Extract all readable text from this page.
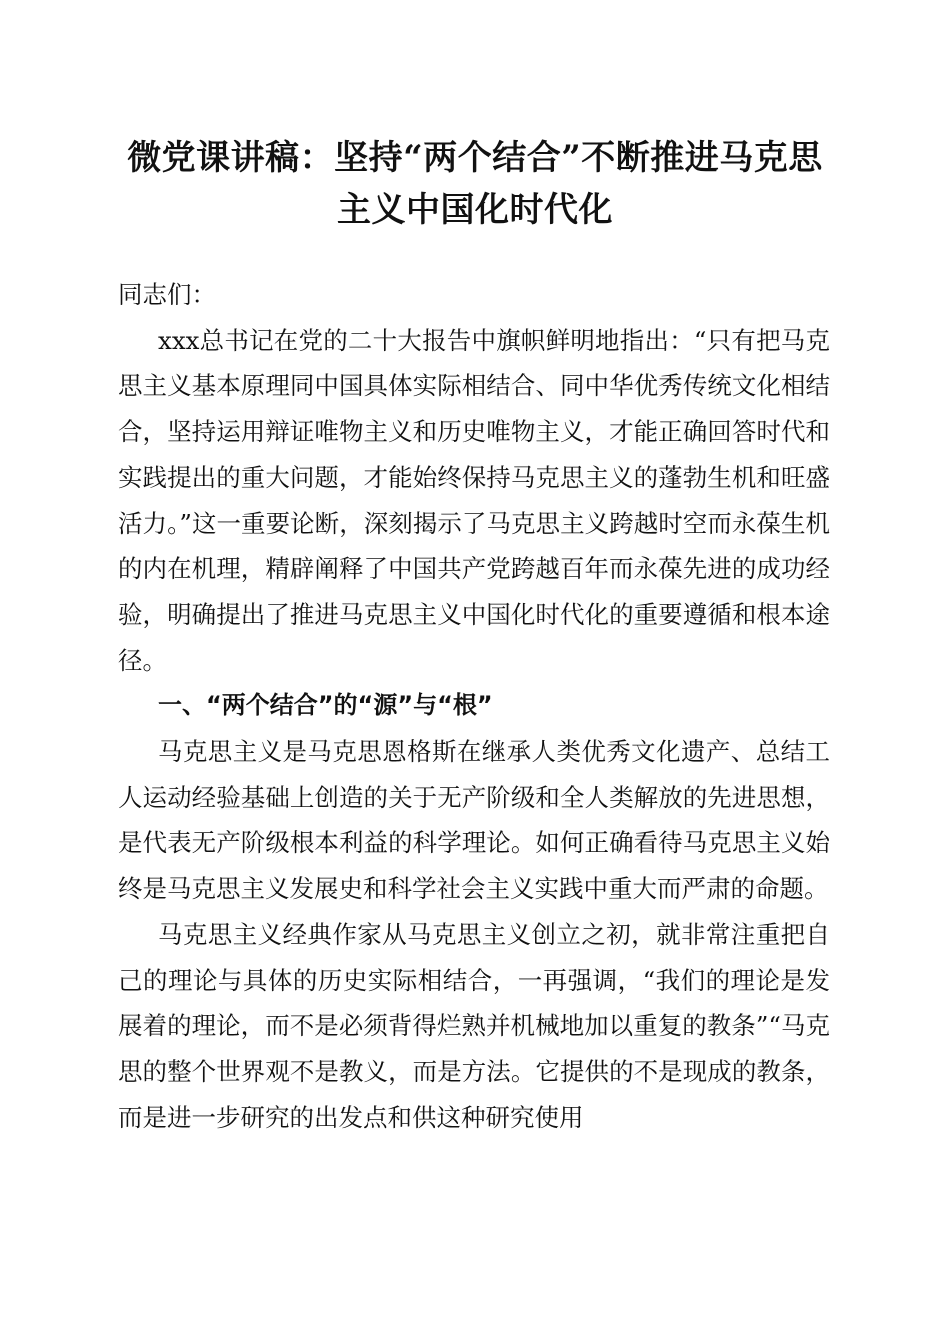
微党课讲稿：坚持“两个结合”不断推进马克思主义中国化时代化

同志们：

xxx总书记在党的二十大报告中旗帜鲜明地指出：“只有把马克思主义基本原理同中国具体实际相结合、同中华优秀传统文化相结合，坚持运用辩证唯物主义和历史唯物主义，才能正确回答时代和实践提出的重大问题，才能始终保持马克思主义的蓬勃生机和旺盛活力。”这一重要论断，深刻揭示了马克思主义跨越时空而永葆生机的内在机理，精辟阐释了中国共产党跨越百年而永葆先进的成功经验，明确提出了推进马克思主义中国化时代化的重要遵循和根本途径。

一、“两个结合”的“源”与“根”

马克思主义是马克思恩格斯在继承人类优秀文化遗产、总结工人运动经验基础上创造的关于无产阶级和全人类解放的先进思想，是代表无产阶级根本利益的科学理论。如何正确看待马克思主义始终是马克思主义发展史和科学社会主义实践中重大而严肃的命题。

马克思主义经典作家从马克思主义创立之初，就非常注重把自己的理论与具体的历史实际相结合，一再强调，“我们的理论是发展着的理论，而不是必须背得烂熟并机械地加以重复的教条”“马克思的整个世界观不是教义，而是方法。它提供的不是现成的教条，而是进一步研究的出发点和供这种研究使用
